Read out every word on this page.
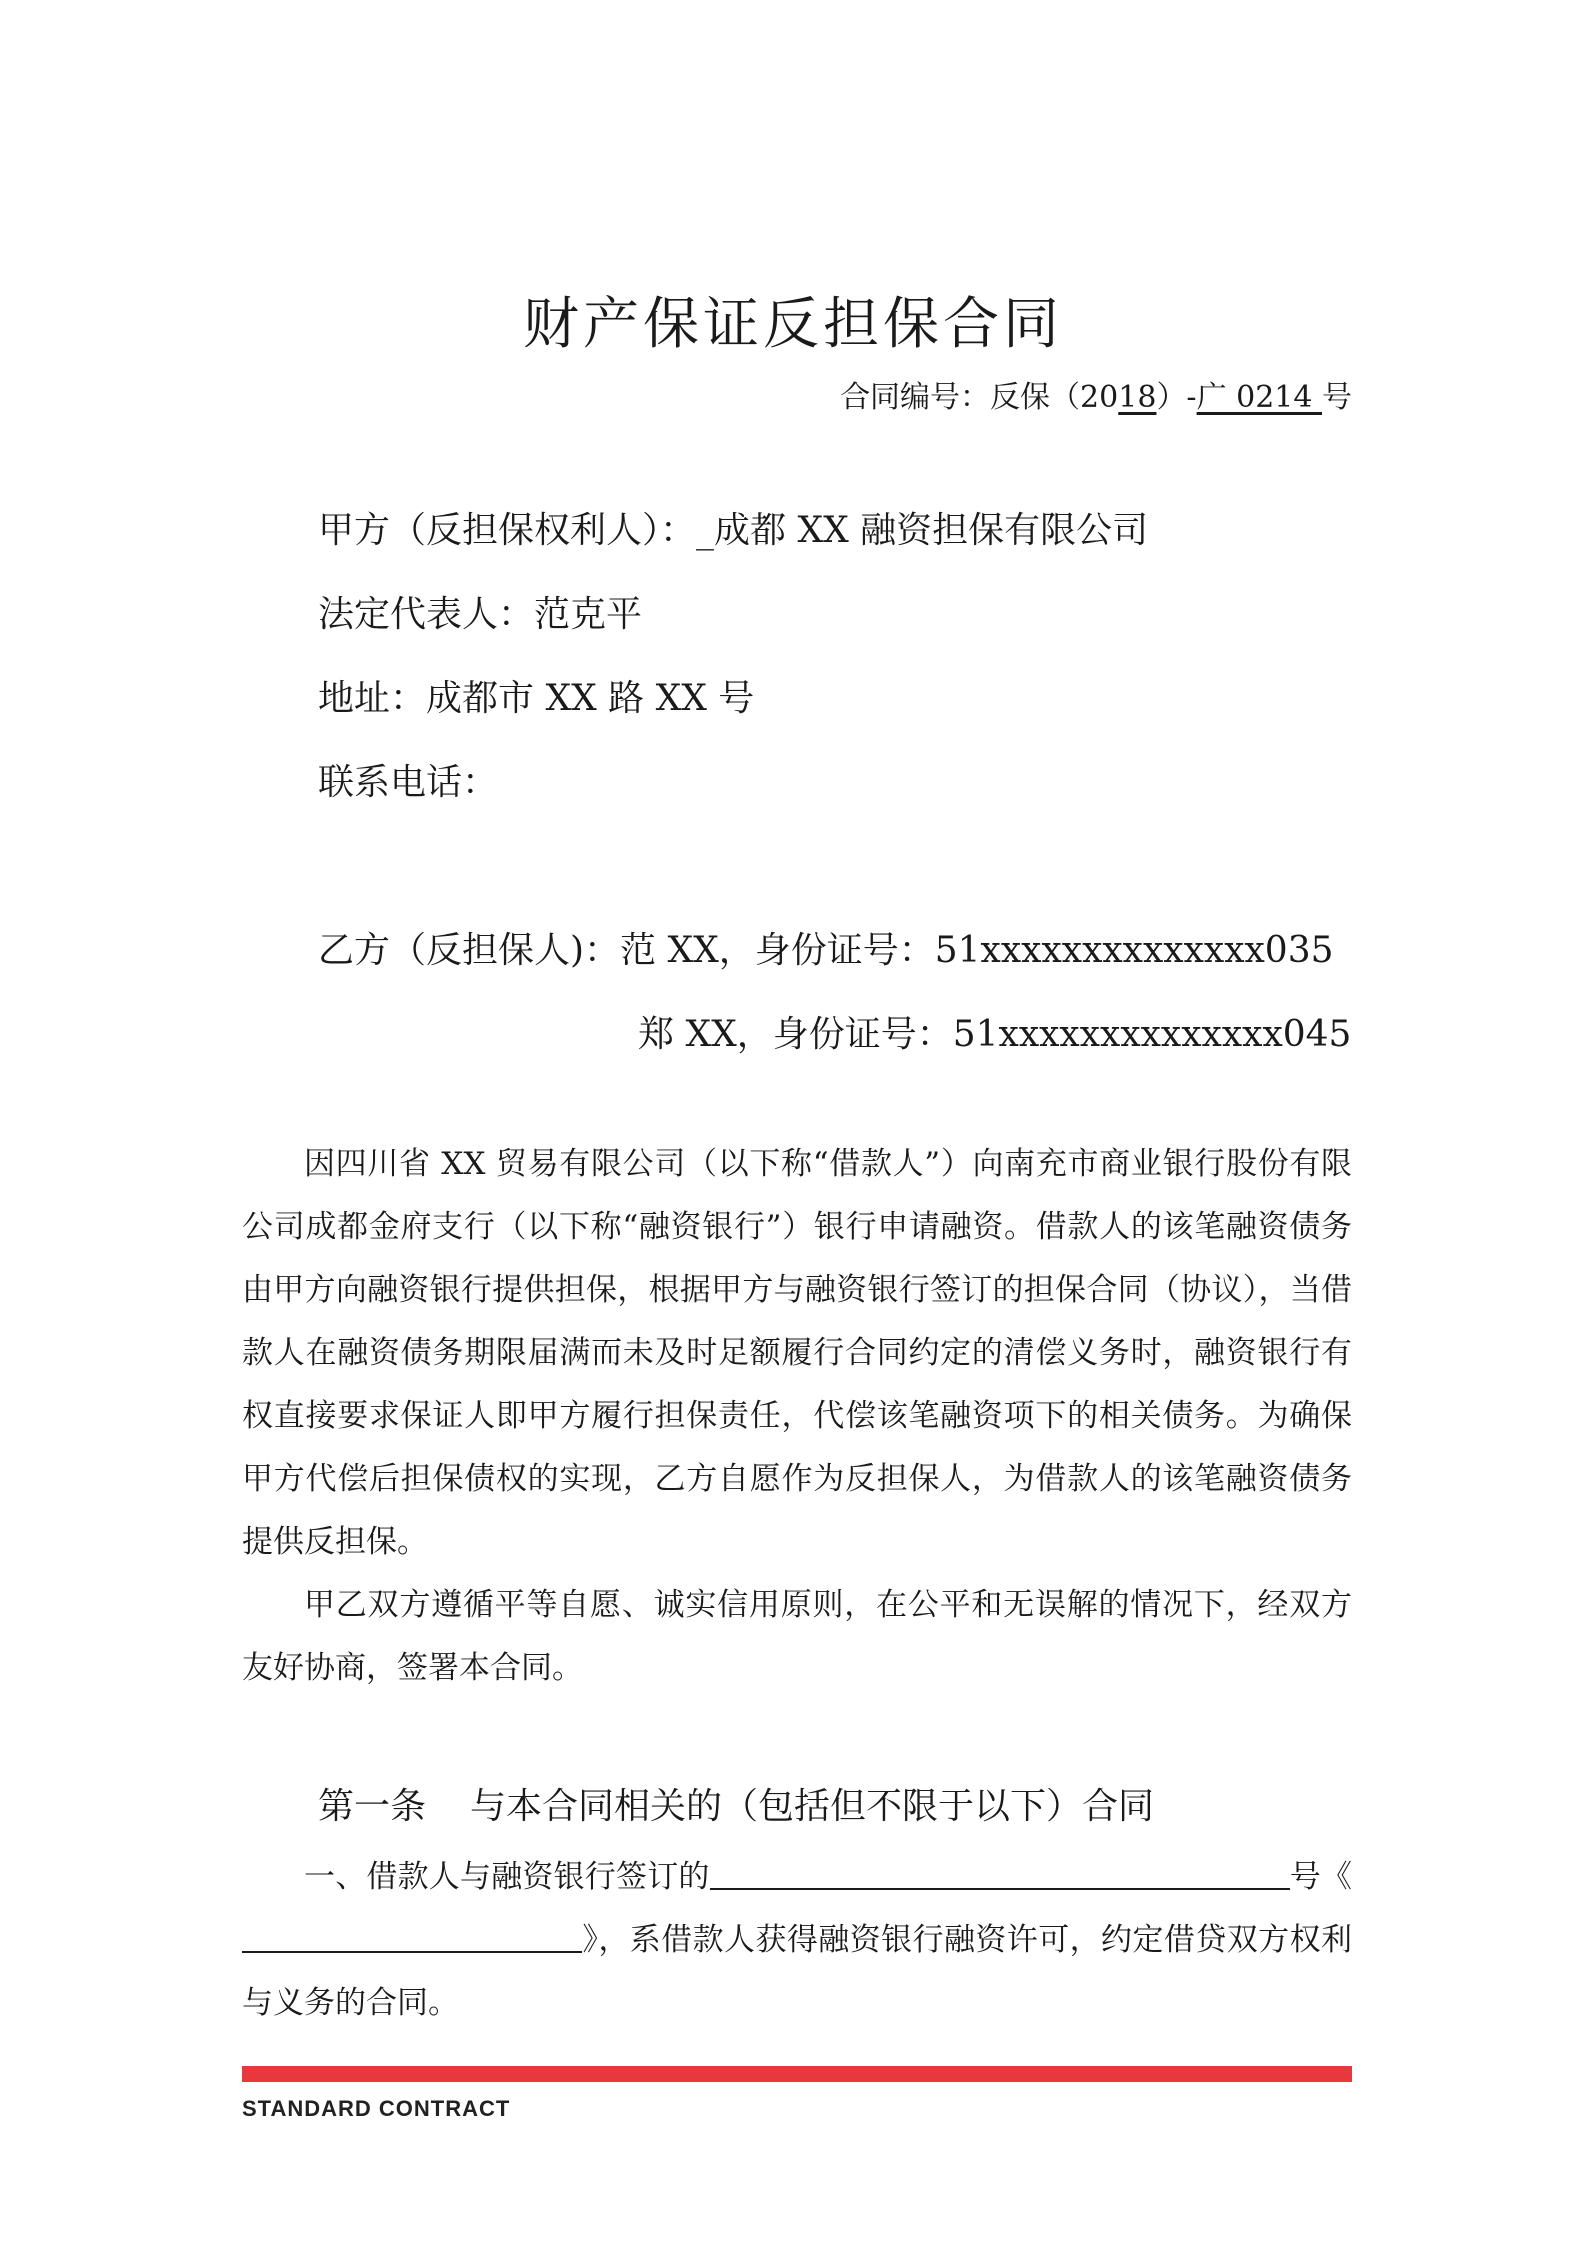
财产保证反担保合同
合同编号：反保（2018）-广 0214 号
甲方（反担保权利人）：_成都 XX 融资担保有限公司
法定代表人：范克平
地址：成都市 XX 路 XX 号
联系电话：
乙方（反担保人)：范 XX，身份证号：51xxxxxxxxxxxxxx035
郑 XX，身份证号：51xxxxxxxxxxxxxx045

因四川省 XX 贸易有限公司（以下称“借款人”）向南充市商业银行股份有限公司成都金府支行（以下称“融资银行”）银行申请融资。借款人的该笔融资债务由甲方向融资银行提供担保，根据甲方与融资银行签订的担保合同（协议），当借款人在融资债务期限届满而未及时足额履行合同约定的清偿义务时，融资银行有权直接要求保证人即甲方履行担保责任，代偿该笔融资项下的相关债务。为确保甲方代偿后担保债权的实现，乙方自愿作为反担保人，为借款人的该笔融资债务提供反担保。

甲乙双方遵循平等自愿、诚实信用原则，在公平和无误解的情况下，经双方友好协商，签署本合同。

第一条 与本合同相关的（包括但不限于以下）合同

一、借款人与融资银行签订的	号《》，系借款人获得融资银行融资许可，约定借贷双方权利与义务的合同。

STANDARD CONTRACT
